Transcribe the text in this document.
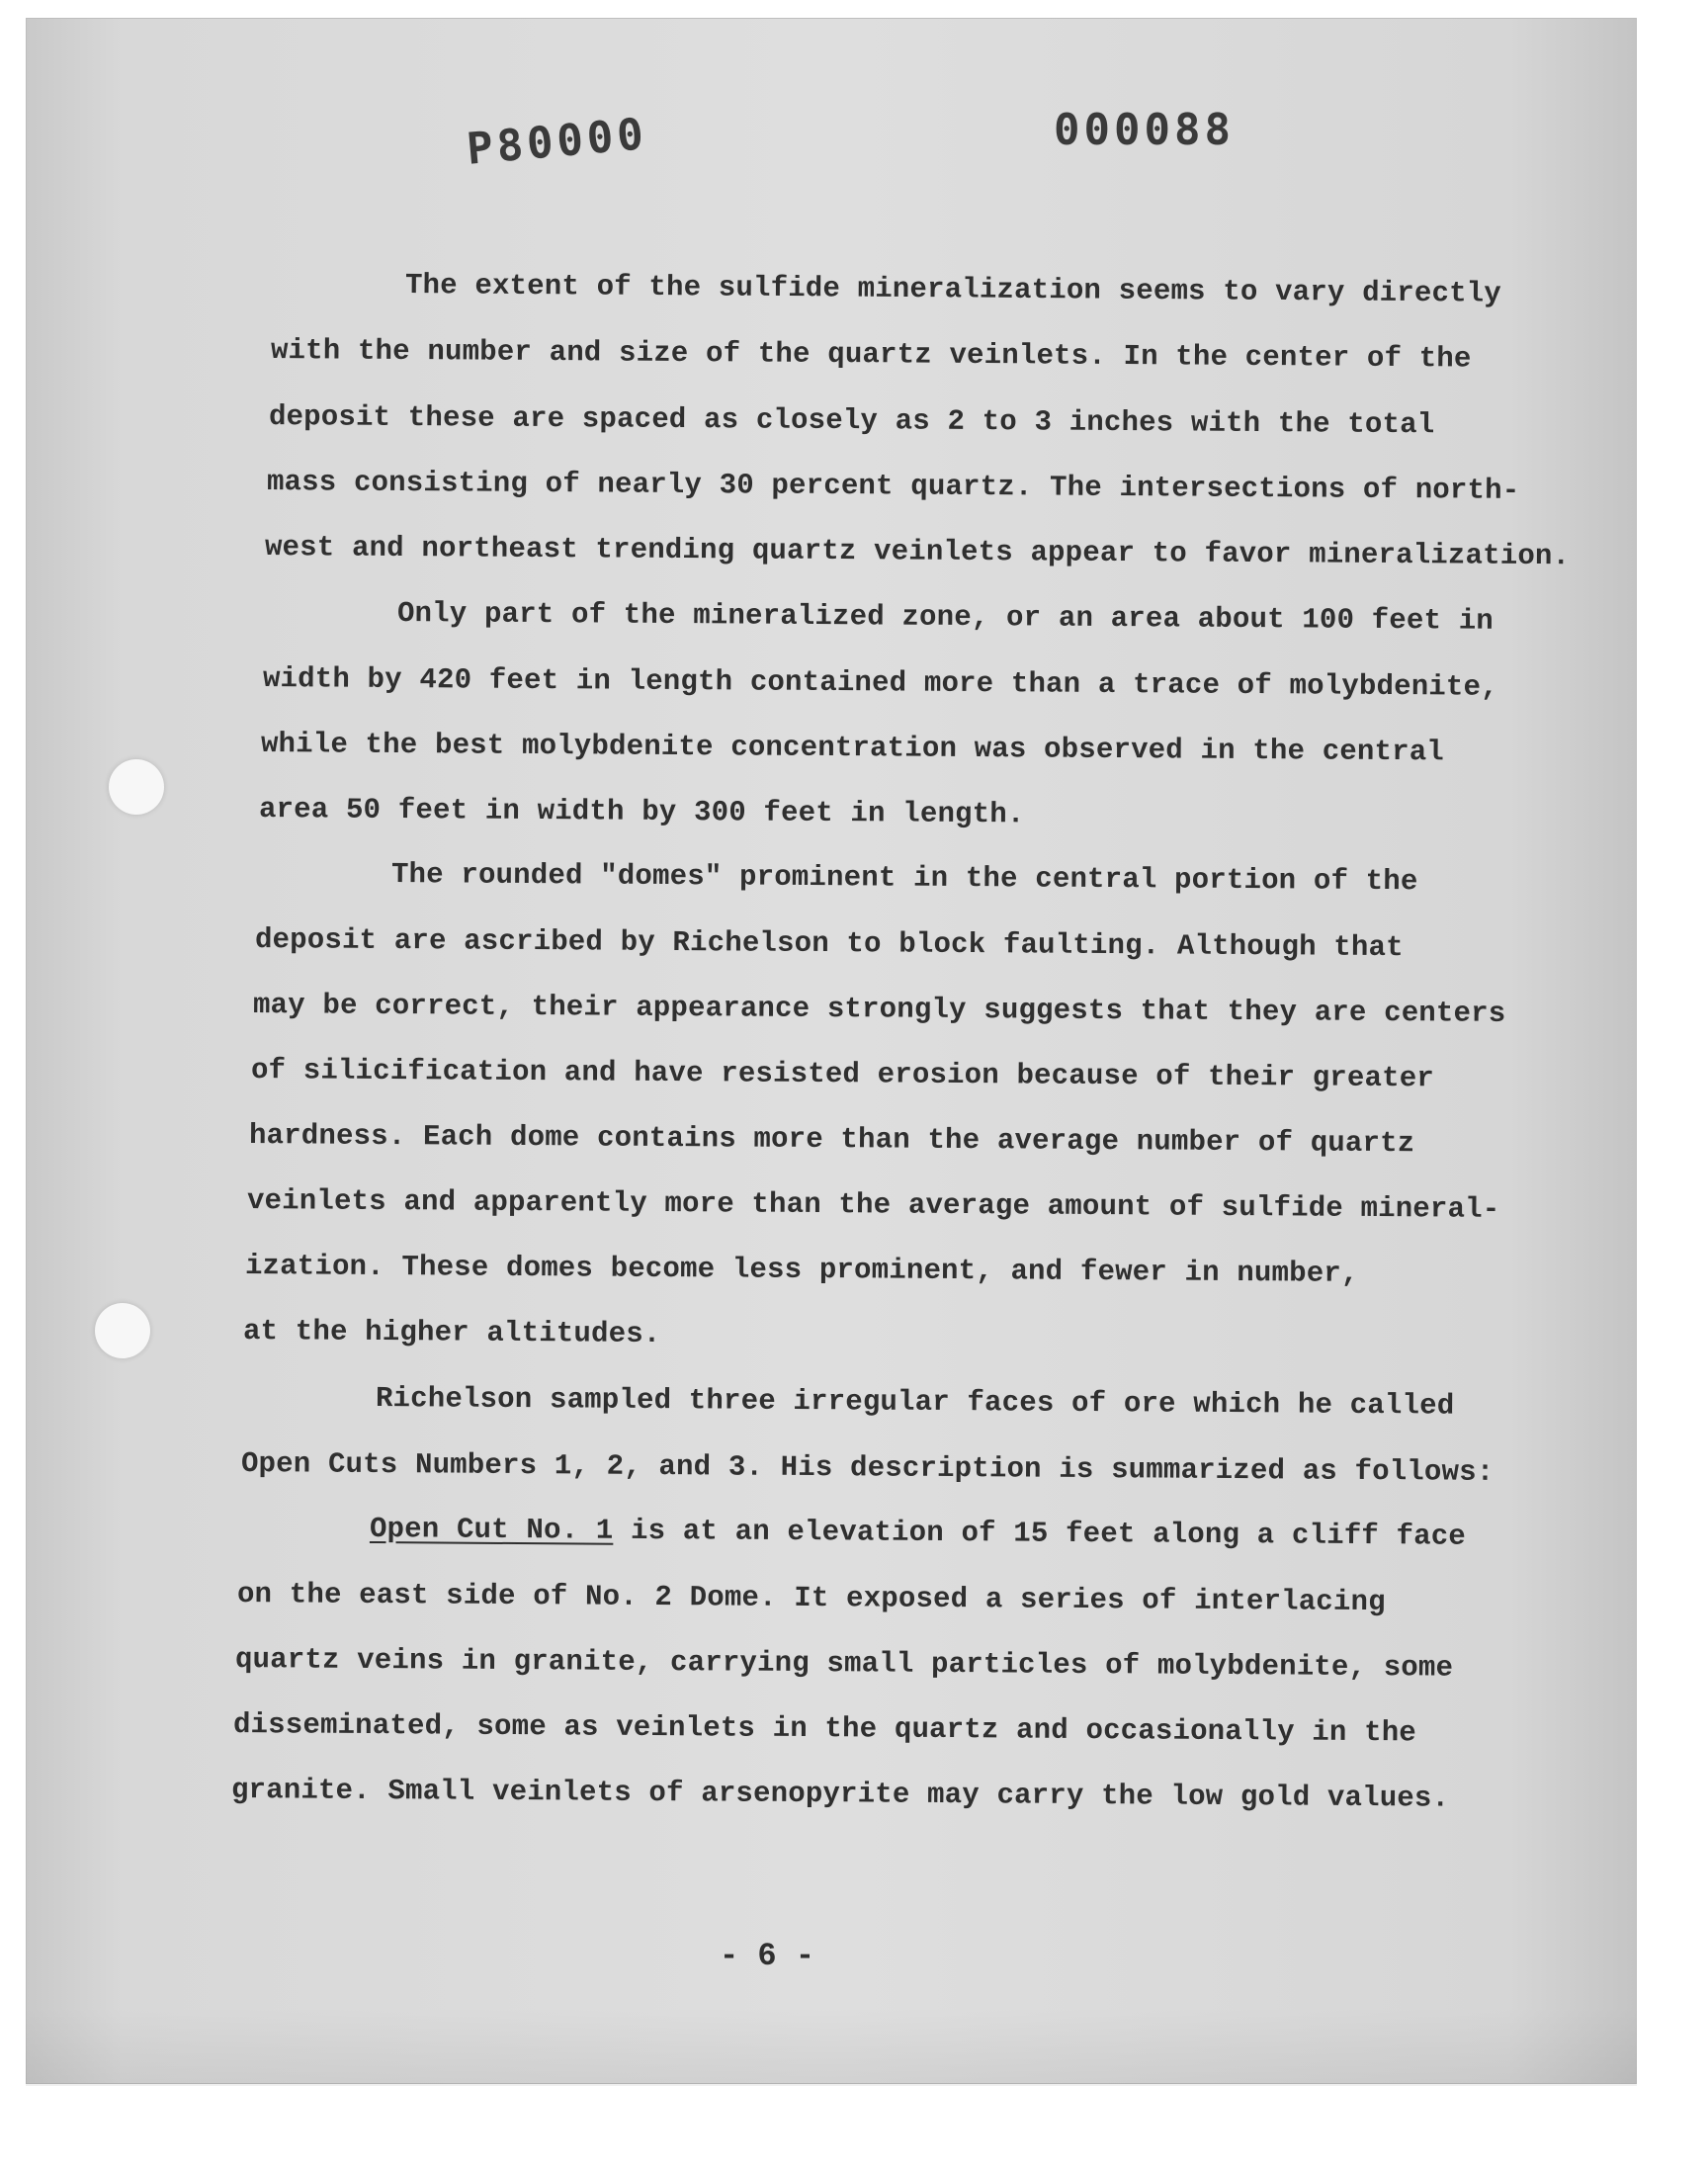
P80000	000088
The extent of the sulfide mineralization seems to vary directly
with the number and size of the quartz veinlets. In the center of the
deposit these are spaced as closely as 2 to 3 inches with the total
mass consisting of nearly 30 percent quartz. The intersections of north-
west and northeast trending quartz veinlets appear to favor mineralization.
Only part of the mineralized zone, or an area about 100 feet in
width by 420 feet in length contained more than a trace of molybdenite,
while the best molybdenite concentration was observed in the central
area 50 feet in width by 300 feet in length.
The rounded "domes" prominent in the central portion of the
deposit are ascribed by Richelson to block faulting. Although that
may be correct, their appearance strongly suggests that they are centers
of silicification and have resisted erosion because of their greater
hardness. Each dome contains more than the average number of quartz
veinlets and apparently more than the average amount of sulfide mineral-
ization. These domes become less prominent, and fewer in number,
at the higher altitudes.
Richelson sampled three irregular faces of ore which he called
Open Cuts Numbers 1, 2, and 3. His description is summarized as follows:
Open Cut No. 1 is at an elevation of 15 feet along a cliff face
on the east side of No. 2 Dome. It exposed a series of interlacing
quartz veins in granite, carrying small particles of molybdenite, some
disseminated, some as veinlets in the quartz and occasionally in the
granite. Small veinlets of arsenopyrite may carry the low gold values.
- 6 -
